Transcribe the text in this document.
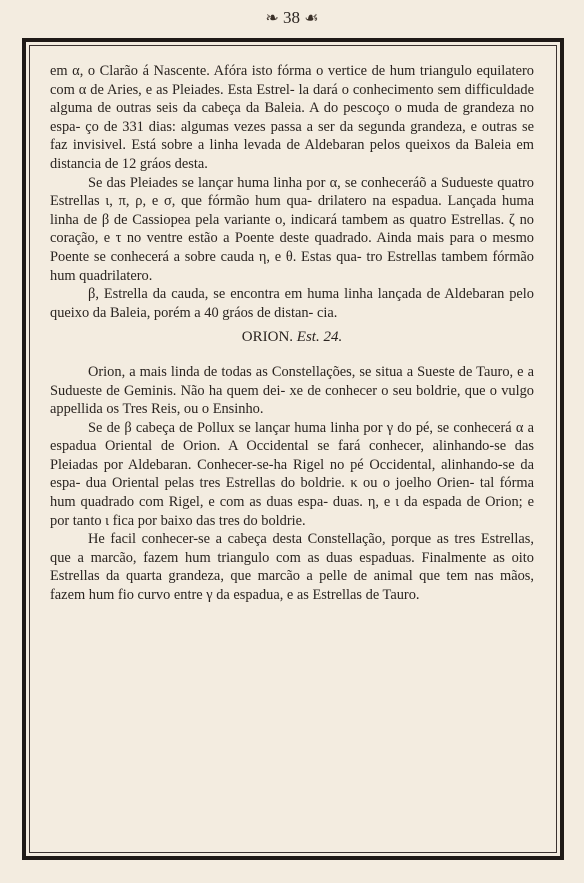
❧ 38 ☙

em α, o Clarão á Nascente. Afóra isto fórma o vertice de hum triangulo equilatero com α de Aries, e as Pleiades. Esta Estrel- la dará o conhecimento sem difficuldade alguma de outras seis da cabeça da Baleia. A do pescoço ο muda de grandeza no espa- ço de 331 dias: algumas vezes passa a ser da segunda grandeza, e outras se faz invisivel. Está sobre a linha levada de Aldebaran pelos queixos da Baleia em distancia de 12 gráos desta.

Se das Pleiades se lançar huma linha por α, se conheceráõ a Sudueste quatro Estrellas ι, π, ρ, e σ, que fórmão hum qua- drilatero na espadua. Lançada huma linha de β de Cassiopea pela variante ο, indicará tambem as quatro Estrellas. ζ no coração, e τ no ventre estão a Poente deste quadrado. Ainda mais para o mesmo Poente se conhecerá a sobre cauda η, e θ. Estas qua- tro Estrellas tambem fórmão hum quadrilatero.

β, Estrella da cauda, se encontra em huma linha lançada de Aldebaran pelo queixo da Baleia, porém a 40 gráos de distan- cia.

ORION. Est. 24.

Orion, a mais linda de todas as Constellações, se situa a Sueste de Tauro, e a Sudueste de Geminis. Não ha quem dei- xe de conhecer o seu boldrie, que o vulgo appellida os Tres Reis, ou o Ensinho.

Se de β cabeça de Pollux se lançar huma linha por γ do pé, se conhecerá α a espadua Oriental de Orion. A Occidental se fará conhecer, alinhando-se das Pleiadas por Aldebaran. Conhecer-se-ha Rigel no pé Occidental, alinhando-se da espa- dua Oriental pelas tres Estrellas do boldrie. κ ou o joelho Orien- tal fórma hum quadrado com Rigel, e com as duas espa- duas. η, e ι da espada de Orion; e por tanto ι fica por baixo das tres do boldrie.

He facil conhecer-se a cabeça desta Constellação, porque as tres Estrellas, que a marcão, fazem hum triangulo com as duas espaduas. Finalmente as oito Estrellas da quarta grandeza, que marcão a pelle de animal que tem nas mãos, fazem hum fio curvo entre γ da espadua, e as Estrellas de Tauro.
